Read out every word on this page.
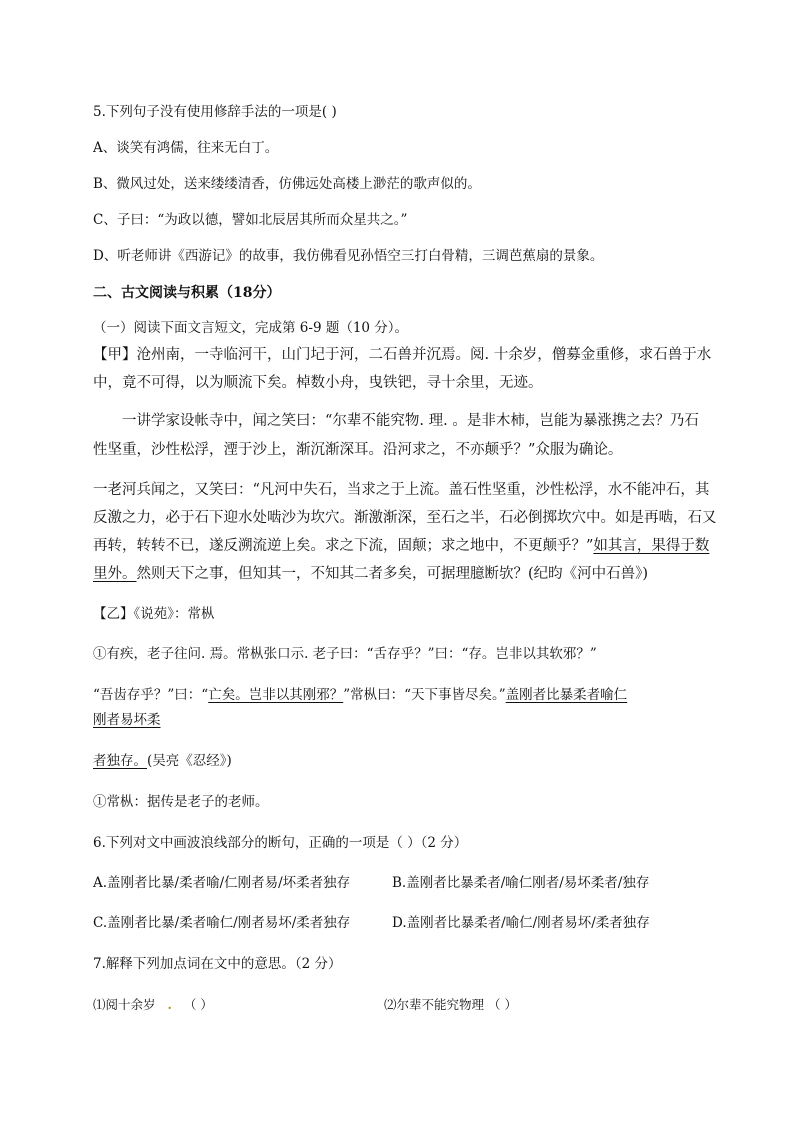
5.下列句子没有使用修辞手法的一项是( )
A、谈笑有鸿儒，往来无白丁。
B、微风过处，送来缕缕清香，仿佛远处高楼上渺茫的歌声似的。
C、子曰：“为政以德，譬如北辰居其所而众星共之。”
D、听老师讲《西游记》的故事，我仿佛看见孙悟空三打白骨精，三调芭蕉扇的景象。
二、古文阅读与积累（18分）
（一）阅读下面文言短文，完成第 6-9 题（10 分）。
【甲】沧州南，一寺临河干，山门圮于河，二石兽并沉焉。阅. 十余岁，僧募金重修，求石兽于水
中，竟不可得，以为顺流下矣。棹数小舟，曳铁钯，寻十余里，无迹。
　　一讲学家设帐寺中，闻之笑曰：“尔辈不能究物. 理. 。是非木柿，岂能为暴涨携之去？乃石
性坚重，沙性松浮，湮于沙上，渐沉渐深耳。沿河求之，不亦颠乎？”众服为确论。
一老河兵闻之，又笑曰：“凡河中失石，当求之于上流。盖石性坚重，沙性松浮，水不能冲石，其
反激之力，必于石下迎水处啮沙为坎穴。渐激渐深，至石之半，石必倒掷坎穴中。如是再啮，石又
再转，转转不已，遂反溯流逆上矣。求之下流，固颠；求之地中，不更颠乎？”如其言，果得于数
里外。然则天下之事，但知其一，不知其二者多矣，可据理臆断欤？(纪昀《河中石兽》)
【乙】《说苑》：常枞
①有疾，老子往问. 焉。常枞张口示. 老子曰：“舌存乎？”曰：“存。岂非以其软邪？”
“吾齿存乎？”曰：“亡矣。岂非以其刚邪？”常枞曰：“天下事皆尽矣。”盖刚者比暴柔者喻仁
刚者易坏柔
者独存。(吴亮《忍经》)
①常枞：据传是老子的老师。
6.下列对文中画波浪线部分的断句，正确的一项是（ ）（2 分）
A.盖刚者比暴/柔者喻/仁刚者易/坏柔者独存	B.盖刚者比暴柔者/喻仁刚者/易坏柔者/独存
C.盖刚者比暴/柔者喻仁/刚者易坏/柔者独存	D.盖刚者比暴柔者/喻仁/刚者易坏/柔者独存
7.解释下列加点词在文中的意思。（2 分）
⑴阅十余岁 . （ ）	⑵尔辈不能究物理 （ ）
